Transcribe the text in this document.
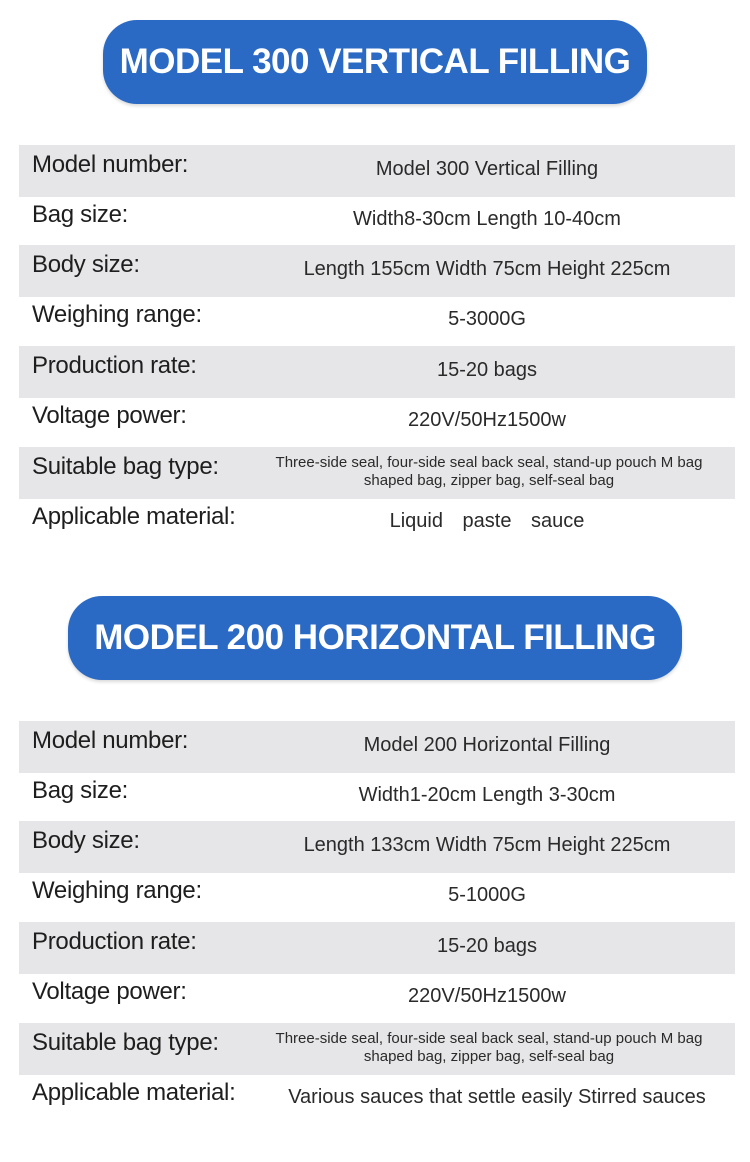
MODEL 300 VERTICAL FILLING
Model number:	Model 300 Vertical Filling
Bag size:	Width8-30cm Length 10-40cm
Body size:	Length 155cm Width 75cm Height 225cm
Weighing range:	5-3000G
Production rate:	15-20 bags
Voltage power:	220V/50Hz1500w
Suitable bag type:	Three-side seal, four-side seal back seal, stand-up pouch M bag
shaped bag, zipper bag, self-seal bag
Applicable material:	Liquid paste sauce
MODEL 200 HORIZONTAL FILLING
Model number:	Model 200 Horizontal Filling
Bag size:	Width1-20cm Length 3-30cm
Body size:	Length 133cm Width 75cm Height 225cm
Weighing range:	5-1000G
Production rate:	15-20 bags
Voltage power:	220V/50Hz1500w
Suitable bag type:	Three-side seal, four-side seal back seal, stand-up pouch M bag
shaped bag, zipper bag, self-seal bag
Applicable material:	Various sauces that settle easily Stirred sauces
